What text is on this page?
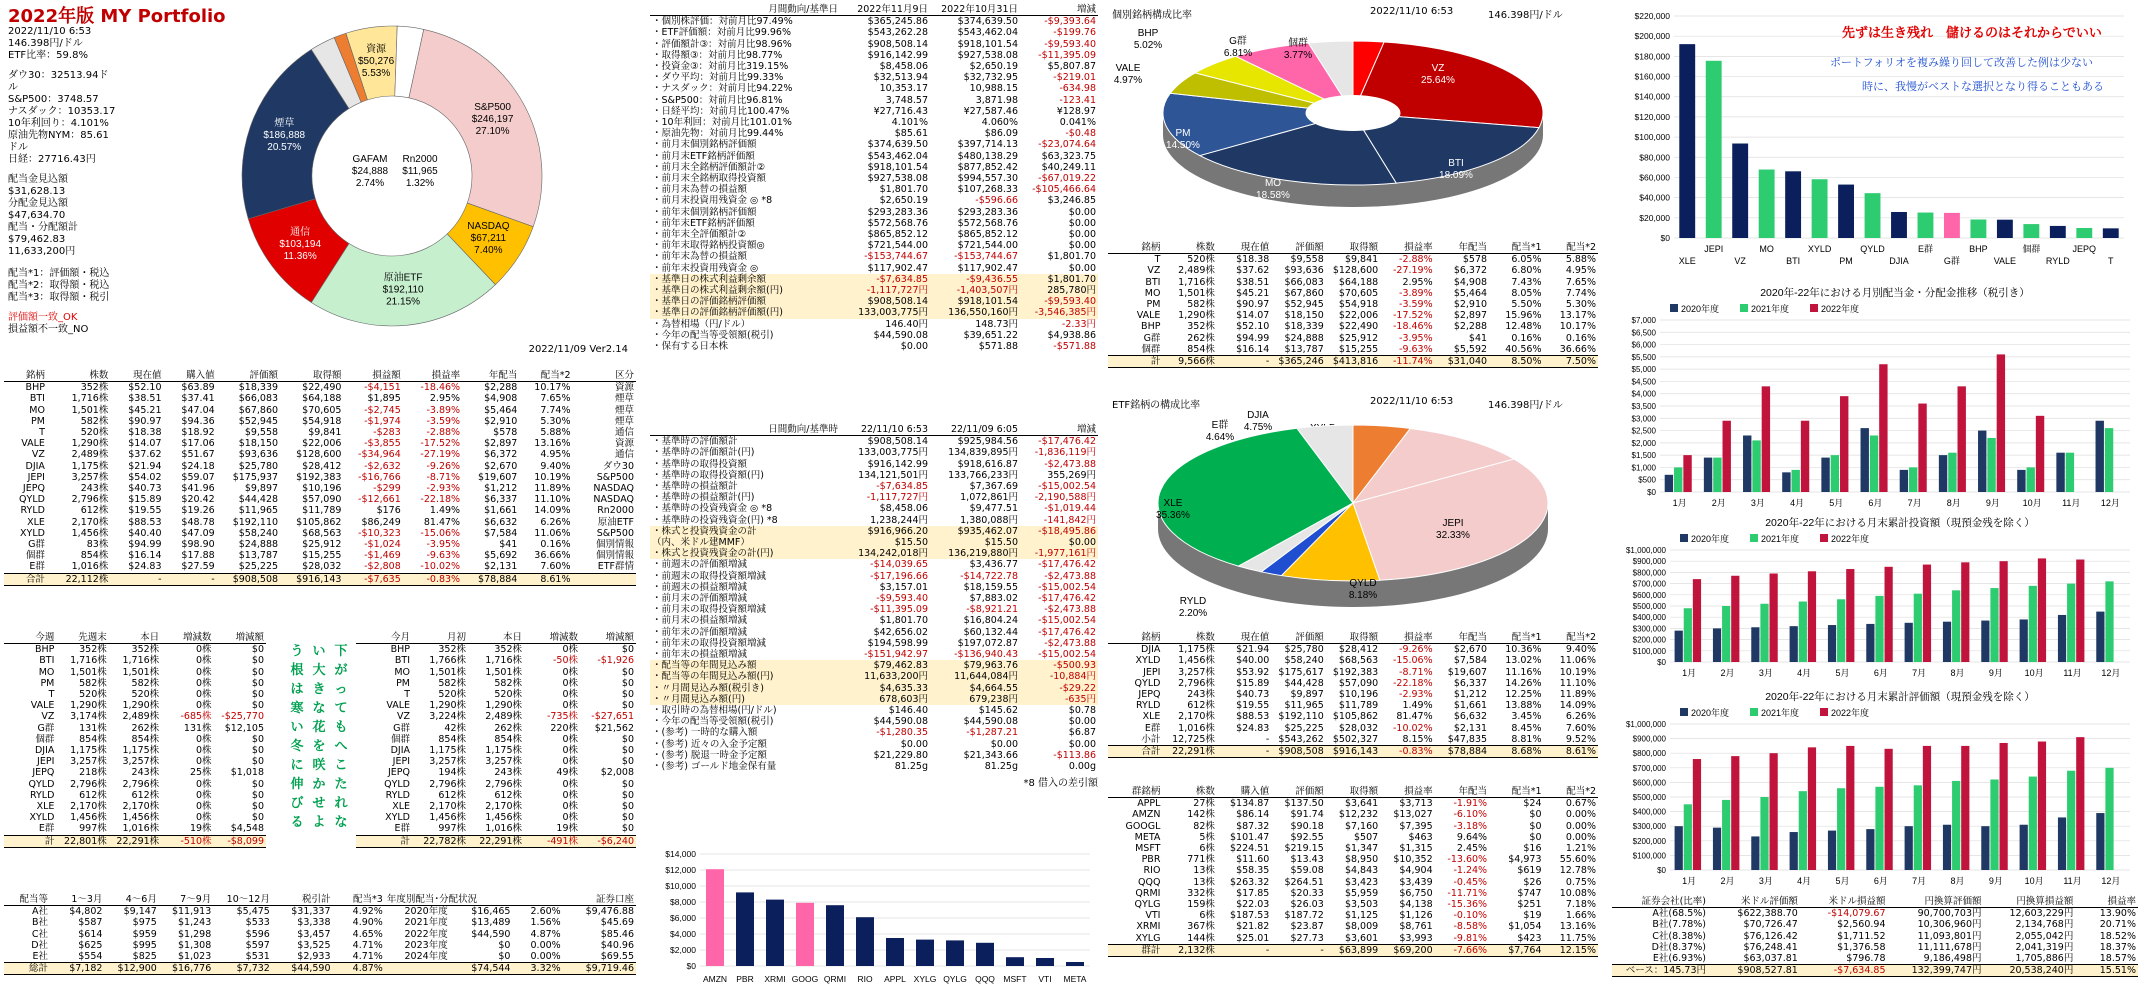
2022年版 MY Portfolio
2022/11/10 6:53
146.398円/ドル
ETF比率：59.8%
ダウ30：32513.94ドル
S&P500：3748.57
ナスダック：10353.17
10年利回り：4.101%
原油先物NYM：85.61ドル
日経：27716.43円
配当金見込額
$31,628.13
分配金見込額
$47,634.70
配当・分配額計
$79,462.83
11,633,200円
配当*1：評価額・税込
配当*2：取得額・税込
配当*3：取得額・税引
評価額一致_OK
損益額不一致_NO
資源
$50,276
5.53%
S&P500
$246,197
27.10%
NASDAQ
$67,211
7.40%
原油ETF
$192,110
21.15%
通信
$103,194
11.36%
煙草
$186,888
20.57%
GAFAM
$24,888
2.74%
Rn2000
$11,965
1.32%
2022/11/09 Ver2.14
銘柄	株数	現在値	購入値	評価額	取得額	損益額	損益率	年配当	配当*2	区分
BHP	352株	$52.10	$63.89	$18,339	$22,490	-$4,151	-18.46%	$2,288	10.17%	資源
BTI	1,716株	$38.51	$37.41	$66,083	$64,188	$1,895	2.95%	$4,908	7.65%	煙草
MO	1,501株	$45.21	$47.04	$67,860	$70,605	-$2,745	-3.89%	$5,464	7.74%	煙草
PM	582株	$90.97	$94.36	$52,945	$54,918	-$1,974	-3.59%	$2,910	5.30%	煙草
T	520株	$18.38	$18.92	$9,558	$9,841	-$283	-2.88%	$578	5.88%	通信
VALE	1,290株	$14.07	$17.06	$18,150	$22,006	-$3,855	-17.52%	$2,897	13.16%	資源
VZ	2,489株	$37.62	$51.67	$93,636	$128,600	-$34,964	-27.19%	$6,372	4.95%	通信
DJIA	1,175株	$21.94	$24.18	$25,780	$28,412	-$2,632	-9.26%	$2,670	9.40%	ダウ30
JEPI	3,257株	$54.02	$59.07	$175,937	$192,383	-$16,766	-8.71%	$19,607	10.19%	S&P500
JEPQ	243株	$40.73	$41.96	$9,897	$10,196	-$299	-2.93%	$1,212	11.89%	NASDAQ
QYLD	2,796株	$15.89	$20.42	$44,428	$57,090	-$12,661	-22.18%	$6,337	11.10%	NASDAQ
RYLD	612株	$19.55	$19.26	$11,965	$11,789	$176	1.49%	$1,661	14.09%	Rn2000
XLE	2,170株	$88.53	$48.78	$192,110	$105,862	$86,249	81.47%	$6,632	6.26%	原油ETF
XYLD	1,456株	$40.40	$47.09	$58,240	$68,563	-$10,323	-15.06%	$7,584	11.06%	S&P500
G群	83株	$94.99	$98.90	$24,888	$25,912	-$1,024	-3.95%	$41	0.16%	個別情報
個群	854株	$16.14	$17.88	$13,787	$15,255	-$1,469	-9.63%	$5,692	36.66%	個別情報
E群	1,016株	$24.83	$27.59	$25,225	$28,032	-$2,808	-10.02%	$2,131	7.60%	ETF群情
合計	22,112株	-	-	$908,508	$916,143	-$7,635	-0.83%	$78,884	8.61%	
今週	先週末	本日	増減数	増減額
BHP	352株	352株	0株	$0
BTI	1,716株	1,716株	0株	$0
MO	1,501株	1,501株	0株	$0
PM	582株	582株	0株	$0
T	520株	520株	0株	$0
VALE	1,290株	1,290株	0株	$0
VZ	3,174株	2,489株	-685株	-$25,770
G群	131株	262株	131株	$12,105
個群	854株	854株	0株	$0
DJIA	1,175株	1,175株	0株	$0
JEPI	3,257株	3,257株	0株	$0
JEPQ	218株	243株	25株	$1,018
QYLD	2,796株	2,796株	0株	$0
RYLD	612株	612株	0株	$0
XLE	2,170株	2,170株	0株	$0
XYLD	1,456株	1,456株	0株	$0
E群	997株	1,016株	19株	$4,548
計	22,801株	22,291株	-510株	-$8,099
下
が
っ
て
も
へ
こ
た
れ
な
い
大
き
な
花
を
咲
か
せ
よ
う
根
は
寒
い
冬
に
伸
び
る
今月	月初	本日	増減数	増減額
BHP	352株	352株	0株	$0
BTI	1,766株	1,716株	-50株	-$1,926
MO	1,501株	1,501株	0株	$0
PM	582株	582株	0株	$0
T	520株	520株	0株	$0
VALE	1,290株	1,290株	0株	$0
VZ	3,224株	2,489株	-735株	-$27,651
G群	42株	262株	220株	$21,562
個群	854株	854株	0株	$0
DJIA	1,175株	1,175株	0株	$0
JEPI	3,257株	3,257株	0株	$0
JEPQ	194株	243株	49株	$2,008
QYLD	2,796株	2,796株	0株	$0
RYLD	612株	612株	0株	$0
XLE	2,170株	2,170株	0株	$0
XYLD	1,456株	1,456株	0株	$0
E群	997株	1,016株	19株	$0
計	22,782株	22,291株	-491株	-$6,240
配当等	1〜3月	4〜6月	7〜9月	10〜12月	税引計	配当*3	年度別配当･分配状況			証券口座
A社	$4,802	$9,147	$11,913	$5,475	$31,337	4.92%	2020年度	$16,465	2.60%	$9,476.88
B社	$587	$975	$1,243	$533	$3,338	4.90%	2021年度	$13,489	1.56%	$45.69
C社	$614	$959	$1,298	$596	$3,457	4.65%	2022年度	$44,590	4.87%	$85.46
D社	$625	$995	$1,308	$597	$3,525	4.71%	2023年度	$0	0.00%	$40.96
E社	$554	$825	$1,023	$531	$2,933	4.71%	2024年度	$0	0.00%	$69.55
総計	$7,182	$12,900	$16,776	$7,732	$44,590	4.87%		$74,544	3.32%	$9,719.46
月間動向/基準日	2022年11月9日	2022年10月31日	増減
・個別株評価：対前月比97.49%	$365,245.86	$374,639.50	-$9,393.64
・ETF評価額：対前月比99.96%	$543,262.28	$543,462.04	-$199.76
・評価額計③：対前月比98.96%	$908,508.14	$918,101.54	-$9,593.40
・取得額③：対前月比98.77%	$916,142.99	$927,538.08	-$11,395.09
・投資金③：対前月比319.15%	$8,458.06	$2,650.19	$5,807.87
・ダウ平均：対前月比99.33%	$32,513.94	$32,732.95	-$219.01
・ナスダック：対前月比94.22%	10,353.17	10,988.15	-634.98
・S&P500：対前月比96.81%	3,748.57	3,871.98	-123.41
・日経平均：対前月比100.47%	¥27,716.43	¥27,587.46	¥128.97
・10年利回：対前月比101.01%	4.101%	4.060%	0.041%
・原油先物：対前月比99.44%	$85.61	$86.09	-$0.48
・前月末個別銘柄評価額	$374,639.50	$397,714.13	-$23,074.64
・前月末ETF銘柄評価額	$543,462.04	$480,138.29	$63,323.75
・前月末全銘柄評価額計②	$918,101.54	$877,852.42	$40,249.11
・前月末全銘柄取得投資額	$927,538.08	$994,557.30	-$67,019.22
・前月末為替の損益額	$1,801.70	$107,268.33	-$105,466.64
・前月末投資用残資金 ◎ *8	$2,650.19	-$596.66	$3,246.85
・前年末個別銘柄評価額	$293,283.36	$293,283.36	$0.00
・前年末ETF銘柄評価額	$572,568.76	$572,568.76	$0.00
・前年末全評価額計②	$865,852.12	$865,852.12	$0.00
・前年末取得銘柄投資額◎	$721,544.00	$721,544.00	$0.00
・前年末為替の損益額	-$153,744.67	-$153,744.67	$1,801.70
・前年末投資用残資金 ◎	$117,902.47	$117,902.47	$0.00
・基準日の株式利益剰余額	-$7,634.85	-$9,436.55	$1,801.70
・基準日の株式利益剰余額(円)	-1,117,727円	-1,403,507円	285,780円
・基準日の評価銘柄評価額	$908,508.14	$918,101.54	-$9,593.40
・基準日の評価銘柄評価額(円)	133,003,775円	136,550,160円	-3,546,385円
・為替相場（円/ドル）	146.40円	148.73円	-2.33円
・今年の配当等受領額(税引)	$44,590.08	$39,651.22	$4,938.86
・保有する日本株	$0.00	$571.88	-$571.88
日間動向/基準時	22/11/10 6:53	22/11/09 6:05	増減
・基準時の評価額計	$908,508.14	$925,984.56	-$17,476.42
・基準時の評価額計(円)	133,003,775円	134,839,895円	-1,836,119円
・基準時の取得投資額	$916,142.99	$918,616.87	-$2,473.88
・基準時の取得投資額(円)	134,121,501円	133,766,233円	355,269円
・基準時の損益額計	-$7,634.85	$7,367.69	-$15,002.54
・基準時の損益額計(円)	-1,117,727円	1,072,861円	-2,190,588円
・基準時の投資残資金 ◎ *8	$8,458.06	$9,477.51	-$1,019.44
・基準時の投資残資金(円) *8	1,238,244円	1,380,088円	-141,842円
・株式と投資残資金の計	$916,966.20	$935,462.07	-$18,495.86
（内、米ドル建MMF）	$15.50	$15.50	$0.00
・株式と投資残資金の計(円)	134,242,018円	136,219,880円	-1,977,161円
・前週末の評価額増減	-$14,039.65	$3,436.77	-$17,476.42
・前週末の取得投資額増減	-$17,196.66	-$14,722.78	-$2,473.88
・前週末の損益額増減	$3,157.01	$18,159.55	-$15,002.54
・前月末の評価額増減	-$9,593.40	$7,883.02	-$17,476.42
・前月末の取得投資額増減	-$11,395.09	-$8,921.21	-$2,473.88
・前月末の損益額増減	$1,801.70	$16,804.24	-$15,002.54
・前年末の評価額増減	$42,656.02	$60,132.44	-$17,476.42
・前年末の取得投資額増減	$194,598.99	$197,072.87	-$2,473.88
・前年末の損益額増減	-$151,942.97	-$136,940.43	-$15,002.54
・配当等の年間見込み額	$79,462.83	$79,963.76	-$500.93
・配当等の年間見込み額(円)	11,633,200円	11,644,084円	-10,884円
・〃月間見込み額(税引き)	$4,635.33	$4,664.55	-$29.22
・〃月間見込み額(円)	678,603円	679,238円	-635円
・取引時の為替相場(円/ドル)	$146.40	$145.62	$0.78
・今年の配当等受領額(税引)	$44,590.08	$44,590.08	$0.00
・(参考) 一時的な購入額	-$1,280.35	-$1,287.21	$6.87
・(参考) 近々の入金予定額	$0.00	$0.00	$0.00
・(参考) 脱退一時金予定額	$21,229.80	$21,343.66	-$113.86
・(参考) ゴールド地金保有量	81.25g	81.25g	0.00g
*8 借入の差引額
$14,000
$12,000
$10,000
$8,000
$6,000
$4,000
$2,000
$0
AMZN PBR XRMI GOOG QRMI RIO APPL XYLG QYLG QQQ MSFT VTI META
個別銘柄構成比率	2022/11/10 6:53	146.398円/ドル
VZ
25.64%
BTI
18.09%
MO
18.58%
PM
14.50%
VALE
4.97%
BHP
5.02%	G群
6.81%
個群
3.77%
銘柄	株数	現在値	評価額	取得額	損益率	年配当	配当*1	配当*2
T	520株	$18.38	$9,558	$9,841	-2.88%	$578	6.05%	5.88%
VZ	2,489株	$37.62	$93,636	$128,600	-27.19%	$6,372	6.80%	4.95%
BTI	1,716株	$38.51	$66,083	$64,188	2.95%	$4,908	7.43%	7.65%
MO	1,501株	$45.21	$67,860	$70,605	-3.89%	$5,464	8.05%	7.74%
PM	582株	$90.97	$52,945	$54,918	-3.59%	$2,910	5.50%	5.30%
VALE	1,290株	$14.07	$18,150	$22,006	-17.52%	$2,897	15.96%	13.17%
BHP	352株	$52.10	$18,339	$22,490	-18.46%	$2,288	12.48%	10.17%
G群	262株	$94.99	$24,888	$25,912	-3.95%	$41	0.16%	0.16%
個群	854株	$16.14	$13,787	$15,255	-9.63%	$5,592	40.56%	36.66%
計	9,566株	-	$365,246	$413,816	-11.74%	$31,040	8.50%	7.50%
ETF銘柄の構成比率	2022/11/10 6:53	146.398円/ドル
DJIA
4.75%
JEPI
32.33%
QYLD
8.18%
JEPQ
1.82%
RYLD
2.20%
XLE
35.36%
E群
4.64%
銘柄	株数	現在値	評価額	取得額	損益率	年配当	配当*1	配当*2
DJIA	1,175株	$21.94	$25,780	$28,412	-9.26%	$2,670	10.36%	9.40%
XYLD	1,456株	$40.00	$58,240	$68,563	-15.06%	$7,584	13.02%	11.06%
JEPI	3,257株	$53.92	$175,617	$192,383	-8.71%	$19,607	11.16%	10.19%
QYLD	2,796株	$15.89	$44,428	$57,090	-22.18%	$6,337	14.26%	11.10%
JEPQ	243株	$40.73	$9,897	$10,196	-2.93%	$1,212	12.25%	11.89%
RYLD	612株	$19.55	$11,965	$11,789	1.49%	$1,661	13.88%	14.09%
XLE	2,170株	$88.53	$192,110	$105,862	81.47%	$6,632	3.45%	6.26%
E群	1,016株	$24.83	$25,225	$28,032	-10.02%	$2,131	8.45%	7.60%
小計	12,725株	-	$543,262	$502,327	8.15%	$47,835	8.81%	9.52%
合計	22,291株	-	$908,508	$916,143	-0.83%	$78,884	8.68%	8.61%
群銘柄	株数	購入値	評価額	取得額	損益率	年配当	配当*1	配当*2
APPL	27株	$134.87	$137.50	$3,641	$3,713	-1.91%	$24	0.67%
AMZN	142株	$86.14	$91.74	$12,232	$13,027	-6.10%	$0	0.00%
GOOGL	82株	$87.32	$90.18	$7,160	$7,395	-3.18%	$0	0.00%
META	5株	$101.47	$92.55	$507	$463	9.64%	$0	0.00%
MSFT	6株	$224.51	$219.15	$1,347	$1,315	2.45%	$16	1.21%
PBR	771株	$11.60	$13.43	$8,950	$10,352	-13.60%	$4,973	55.60%
RIO	13株	$58.35	$59.08	$4,843	$4,904	-1.24%	$619	12.78%
QQQ	13株	$263.32	$264.51	$3,423	$3,439	-0.45%	$26	0.75%
QRMI	332株	$17.85	$20.33	$5,959	$6,750	-11.71%	$747	10.08%
QYLG	159株	$22.03	$26.03	$3,503	$4,138	-15.36%	$251	7.18%
VTI	6株	$187.53	$187.72	$1,125	$1,126	-0.10%	$19	1.66%
XRMI	367株	$21.82	$23.87	$8,009	$8,761	-8.58%	$1,054	13.16%
XYLG	144株	$25.01	$27.73	$3,601	$3,993	-9.81%	$423	11.75%
群計	2,132株	-	-	$63,899	$69,200	-7.66%	$7,764	12.15%
先ずは生き残れ　儲けるのはそれからでいい
ポートフォリオを複み繰り回して改善した例は少ない
時に、我慢がベストな選択となり得ることもある
$220,000
$200,000
$180,000
$160,000
$140,000
$120,000
$100,000
$80,000
$60,000
$40,000
$20,000
$0
XLE
JEPI
VZ
MO
BTI
XYLD
PM
QYLD
DJIA
E群
G群
BHP
VALE
個群
RYLD
JEPQ
T
2020年-22年における月別配当金・分配金推移（税引き）
2020年度	2021年度	2022年度
$7,000
$6,500
$6,000
$5,500
$5,000
$4,500
$4,000
$3,500
$3,000
$2,500
$2,000
$1,500
$1,000
$500
$0
1月	2月	3月	4月	5月	6月	7月	8月	9月	10月 11月 12月
2020年-22年における月末累計投資額（現預金残を除く）
2020年度	2021年度	2022年度
$1,000,000
$900,000
$800,000
$700,000
$600,000
$500,000
$400,000
$300,000
$200,000
$100,000
$0
1月	2月	3月	4月	5月	6月	7月	8月	9月 10月 11月 12月
2020年-22年における月末累計評価額（現預金残を除く）
2020年度	2021年度	2022年度
$1,000,000
$900,000
$800,000
$700,000
$600,000
$500,000
$400,000
$300,000
$200,000
$100,000
$0
1月	2月	3月	4月	5月	6月	7月	8月	9月 10月 11月 12月
証券会社(比率)	米ドル評価額	米ドル損益額	円換算評価額	円換算損益額	損益率
A社(68.5%)	$622,388.70	-$14,079.67	90,700,703円	12,603,229円	13.90%
B社(7.78%)	$70,726.47	$2,560.94	10,306,960円	2,134,768円	20.71%
C社(8.38%)	$76,126.42	$1,711.52	11,093,801円	2,055,042円	18.52%
D社(8.37%)	$76,248.41	$1,376.58	11,111,678円	2,041,319円	18.37%
E社(6.93%)	$63,037.81	$796.78	9,186,498円	1,705,886円	18.57%
ベース：145.73円	$908,527.81	-$7,634.85	132,399,747円	20,538,240円	15.51%
